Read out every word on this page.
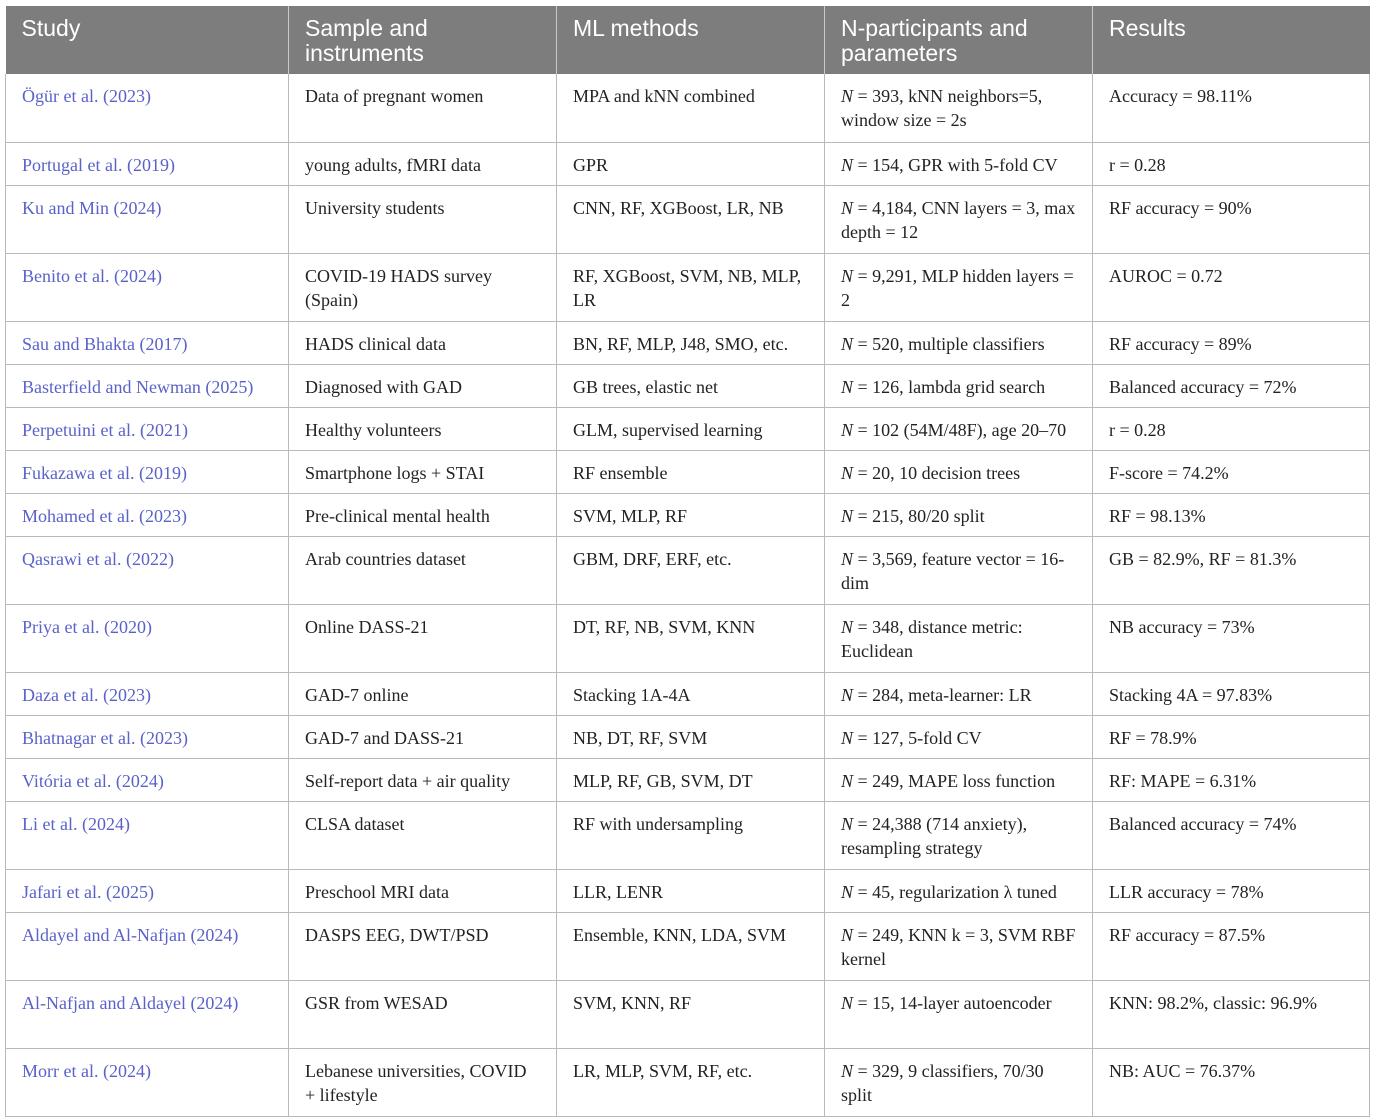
Study	Sample and instruments	ML methods	N-participants and parameters	Results
Ögür et al. (2023)	Data of pregnant women	MPA and kNN combined	N = 393, kNN neighbors=5, window size = 2s	Accuracy = 98.11%
Portugal et al. (2019)	young adults, fMRI data	GPR	N = 154, GPR with 5-fold CV	r = 0.28
Ku and Min (2024)	University students	CNN, RF, XGBoost, LR, NB	N = 4,184, CNN layers = 3, max depth = 12	RF accuracy = 90%
Benito et al. (2024)	COVID-19 HADS survey (Spain)	RF, XGBoost, SVM, NB, MLP, LR	N = 9,291, MLP hidden layers = 2	AUROC = 0.72
Sau and Bhakta (2017)	HADS clinical data	BN, RF, MLP, J48, SMO, etc.	N = 520, multiple classifiers	RF accuracy = 89%
Basterfield and Newman (2025)	Diagnosed with GAD	GB trees, elastic net	N = 126, lambda grid search	Balanced accuracy = 72%
Perpetuini et al. (2021)	Healthy volunteers	GLM, supervised learning	N = 102 (54M/48F), age 20–70	r = 0.28
Fukazawa et al. (2019)	Smartphone logs + STAI	RF ensemble	N = 20, 10 decision trees	F-score = 74.2%
Mohamed et al. (2023)	Pre-clinical mental health	SVM, MLP, RF	N = 215, 80/20 split	RF = 98.13%
Qasrawi et al. (2022)	Arab countries dataset	GBM, DRF, ERF, etc.	N = 3,569, feature vector = 16-dim	GB = 82.9%, RF = 81.3%
Priya et al. (2020)	Online DASS-21	DT, RF, NB, SVM, KNN	N = 348, distance metric: Euclidean	NB accuracy = 73%
Daza et al. (2023)	GAD-7 online	Stacking 1A-4A	N = 284, meta-learner: LR	Stacking 4A = 97.83%
Bhatnagar et al. (2023)	GAD-7 and DASS-21	NB, DT, RF, SVM	N = 127, 5-fold CV	RF = 78.9%
Vitória et al. (2024)	Self-report data + air quality	MLP, RF, GB, SVM, DT	N = 249, MAPE loss function	RF: MAPE = 6.31%
Li et al. (2024)	CLSA dataset	RF with undersampling	N = 24,388 (714 anxiety), resampling strategy	Balanced accuracy = 74%
Jafari et al. (2025)	Preschool MRI data	LLR, LENR	N = 45, regularization λ tuned	LLR accuracy = 78%
Aldayel and Al-Nafjan (2024)	DASPS EEG, DWT/PSD	Ensemble, KNN, LDA, SVM	N = 249, KNN k = 3, SVM RBF kernel	RF accuracy = 87.5%
Al-Nafjan and Aldayel (2024)	GSR from WESAD	SVM, KNN, RF	N = 15, 14-layer autoencoder	KNN: 98.2%, classic: 96.9%
Morr et al. (2024)	Lebanese universities, COVID + lifestyle	LR, MLP, SVM, RF, etc.	N = 329, 9 classifiers, 70/30 split	NB: AUC = 76.37%
